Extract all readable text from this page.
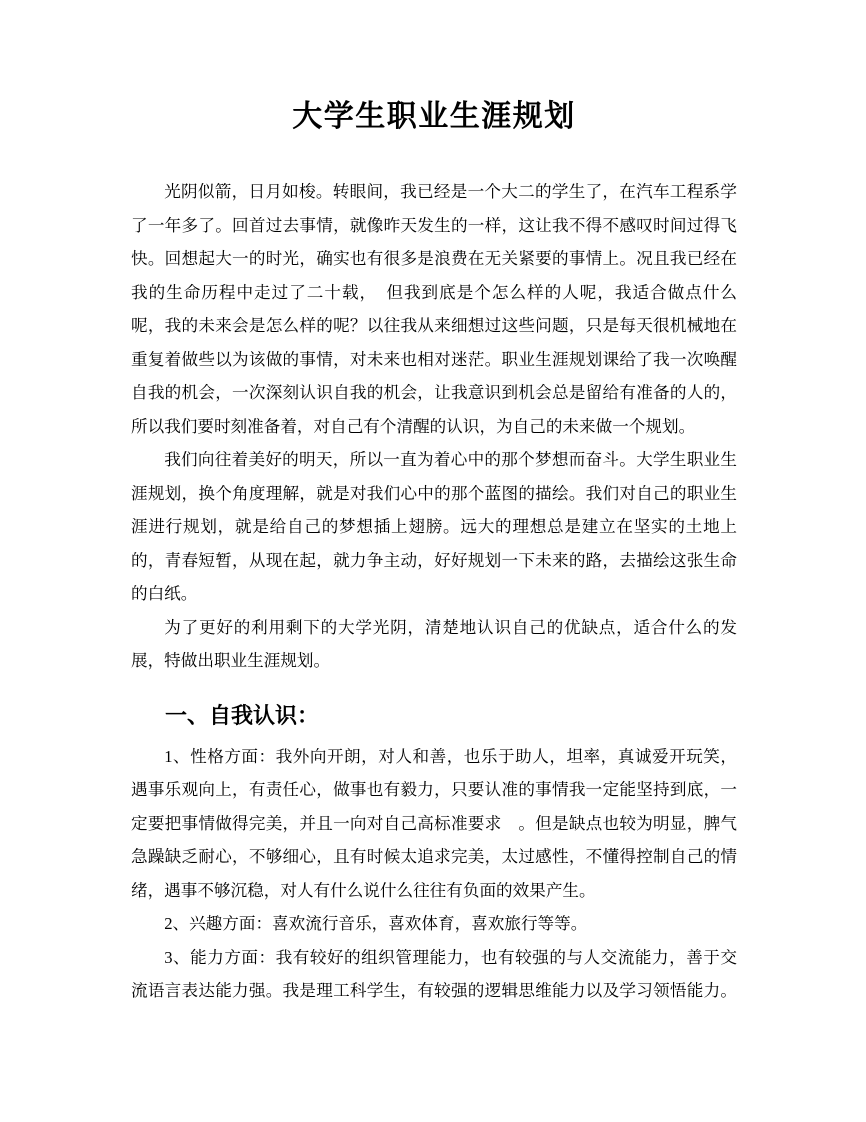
大学生职业生涯规划
光阴似箭，日月如梭。转眼间，我已经是一个大二的学生了，在汽车工程系学
了一年多了。回首过去事情，就像昨天发生的一样，这让我不得不感叹时间过得飞
快。回想起大一的时光，确实也有很多是浪费在无关紧要的事情上。况且我已经在
我的生命历程中走过了二十载，　但我到底是个怎么样的人呢，我适合做点什么
呢，我的未来会是怎么样的呢？以往我从来细想过这些问题，只是每天很机械地在
重复着做些以为该做的事情，对未来也相对迷茫。职业生涯规划课给了我一次唤醒
自我的机会，一次深刻认识自我的机会，让我意识到机会总是留给有准备的人的，
所以我们要时刻准备着，对自己有个清醒的认识，为自己的未来做一个规划。
我们向往着美好的明天，所以一直为着心中的那个梦想而奋斗。大学生职业生
涯规划，换个角度理解，就是对我们心中的那个蓝图的描绘。我们对自己的职业生
涯进行规划，就是给自己的梦想插上翅膀。远大的理想总是建立在坚实的土地上
的，青春短暂，从现在起，就力争主动，好好规划一下未来的路，去描绘这张生命
的白纸。
为了更好的利用剩下的大学光阴，清楚地认识自己的优缺点，适合什么的发
展，特做出职业生涯规划。
一、自我认识：
1、性格方面：我外向开朗，对人和善，也乐于助人，坦率，真诚爱开玩笑，
遇事乐观向上，有责任心，做事也有毅力，只要认准的事情我一定能坚持到底，一
定要把事情做得完美，并且一向对自己高标准要求　。但是缺点也较为明显，脾气
急躁缺乏耐心，不够细心，且有时候太追求完美，太过感性，不懂得控制自己的情
绪，遇事不够沉稳，对人有什么说什么往往有负面的效果产生。
2、兴趣方面：喜欢流行音乐，喜欢体育，喜欢旅行等等。
3、能力方面：我有较好的组织管理能力，也有较强的与人交流能力，善于交
流语言表达能力强。我是理工科学生，有较强的逻辑思维能力以及学习领悟能力。
